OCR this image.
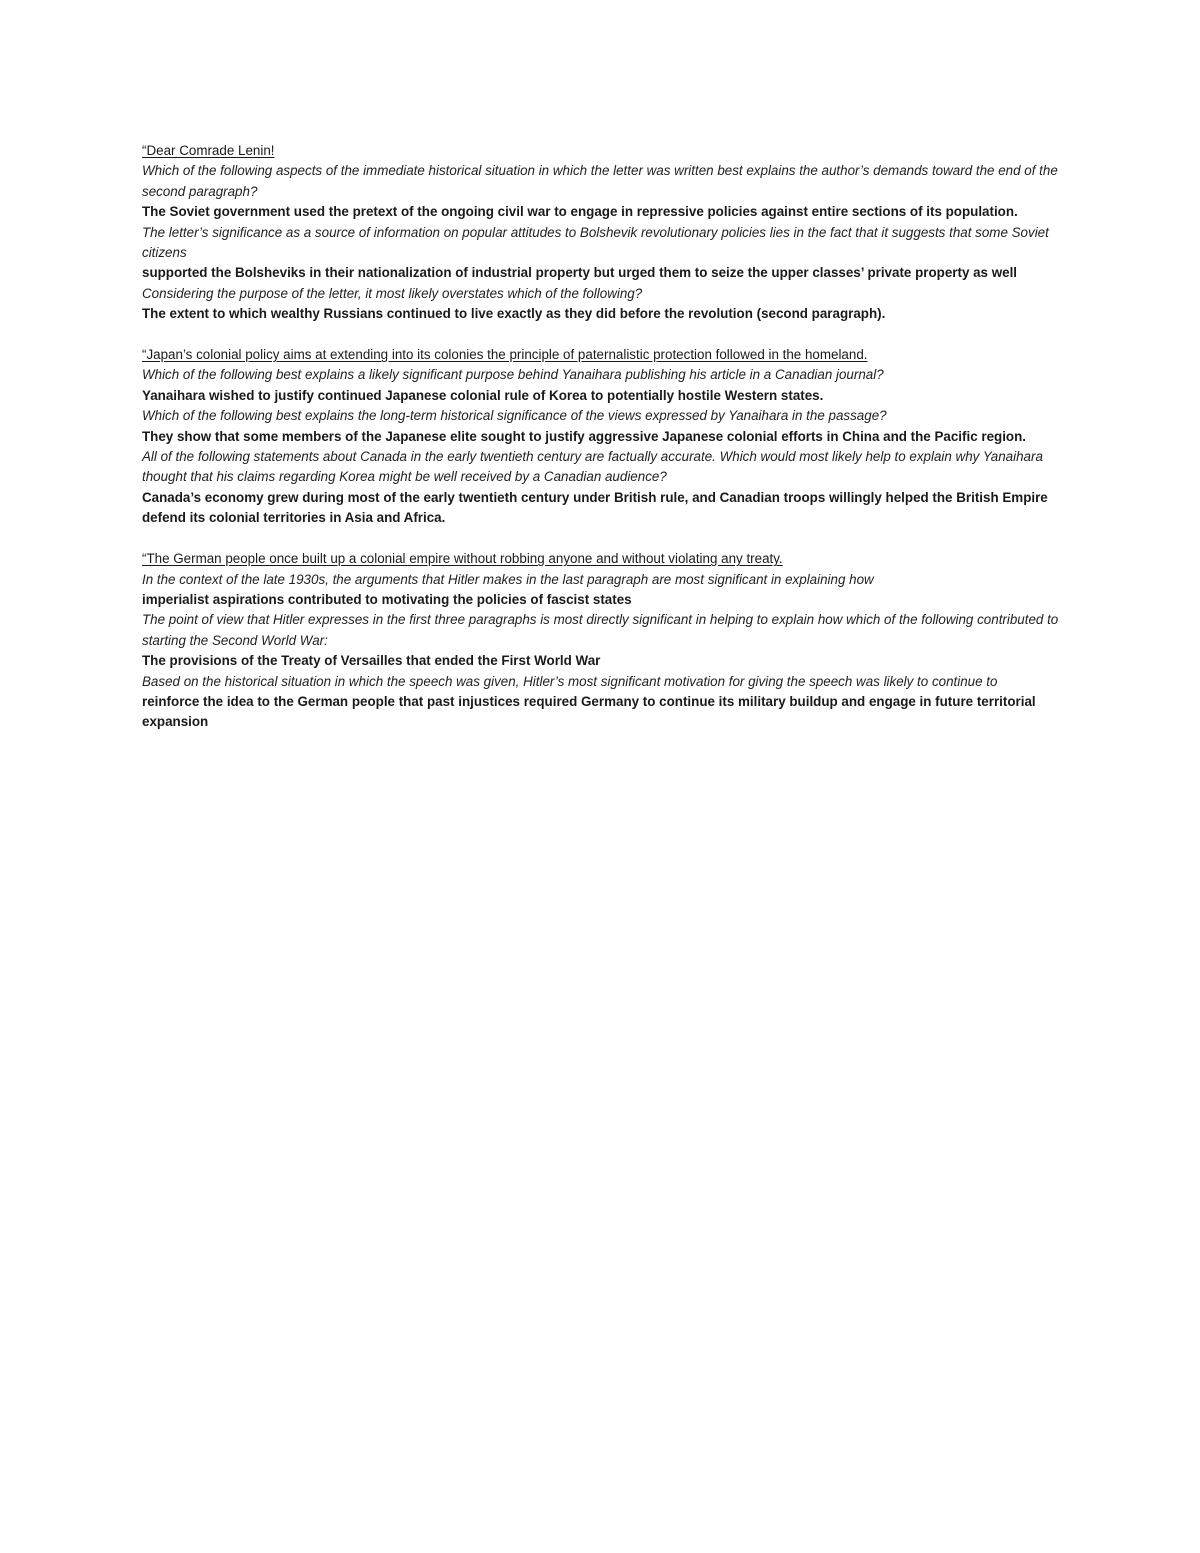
“Dear Comrade Lenin!
Which of the following aspects of the immediate historical situation in which the letter was written best explains the author’s demands toward the end of the second paragraph?
The Soviet government used the pretext of the ongoing civil war to engage in repressive policies against entire sections of its population.
The letter’s significance as a source of information on popular attitudes to Bolshevik revolutionary policies lies in the fact that it suggests that some Soviet citizens
supported the Bolsheviks in their nationalization of industrial property but urged them to seize the upper classes’ private property as well
Considering the purpose of the letter, it most likely overstates which of the following?
The extent to which wealthy Russians continued to live exactly as they did before the revolution (second paragraph).
“Japan’s colonial policy aims at extending into its colonies the principle of paternalistic protection followed in the homeland.
Which of the following best explains a likely significant purpose behind Yanaihara publishing his article in a Canadian journal?
Yanaihara wished to justify continued Japanese colonial rule of Korea to potentially hostile Western states.
Which of the following best explains the long-term historical significance of the views expressed by Yanaihara in the passage?
They show that some members of the Japanese elite sought to justify aggressive Japanese colonial efforts in China and the Pacific region.
All of the following statements about Canada in the early twentieth century are factually accurate. Which would most likely help to explain why Yanaihara thought that his claims regarding Korea might be well received by a Canadian audience?
Canada’s economy grew during most of the early twentieth century under British rule, and Canadian troops willingly helped the British Empire defend its colonial territories in Asia and Africa.
“The German people once built up a colonial empire without robbing anyone and without violating any treaty.
In the context of the late 1930s, the arguments that Hitler makes in the last paragraph are most significant in explaining how
imperialist aspirations contributed to motivating the policies of fascist states
The point of view that Hitler expresses in the first three paragraphs is most directly significant in helping to explain how which of the following contributed to starting the Second World War:
The provisions of the Treaty of Versailles that ended the First World War
Based on the historical situation in which the speech was given, Hitler’s most significant motivation for giving the speech was likely to continue to
reinforce the idea to the German people that past injustices required Germany to continue its military buildup and engage in future territorial expansion
